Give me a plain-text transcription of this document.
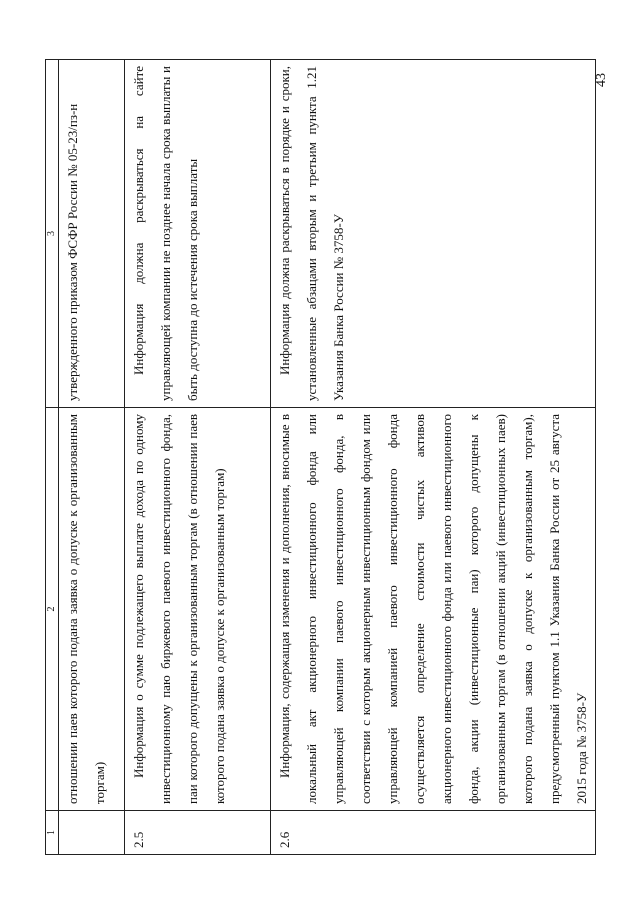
43
1	2	3
	отношении паев которого подана заявка о допуске к организованным торгам)	утвержденного приказом ФСФР России № 05-23/пз-н
2.5	Информация о сумме подлежащего выплате дохода по одному инвестиционному паю биржевого паевого инвестиционного фонда, паи которого допущены к организованным торгам (в отношении паев которого подана заявка о допуске к организованным торгам)	Информация должна раскрываться на сайте управляющей компании не позднее начала срока выплаты и быть доступна до истечения срока выплаты
2.6	Информация, содержащая изменения и дополнения, вносимые в локальный акт акционерного инвестиционного фонда или управляющей компании паевого инвестиционного фонда, в соответствии с которым акционерным инвестиционным фондом или управляющей компанией паевого инвестиционного фонда осуществляется определение стоимости чистых активов акционерного инвестиционного фонда или паевого инвестиционного фонда, акции (инвестиционные паи) которого допущены к организованным торгам (в отношении акций (инвестиционных паев) которого подана заявка о допуске к организованным торгам), предусмотренный пунктом 1.1 Указания Банка России от 25 августа 2015 года № 3758-У	Информация должна раскрываться в порядке и сроки, установленные абзацами вторым и третьим пункта 1.21 Указания Банка России № 3758-У
